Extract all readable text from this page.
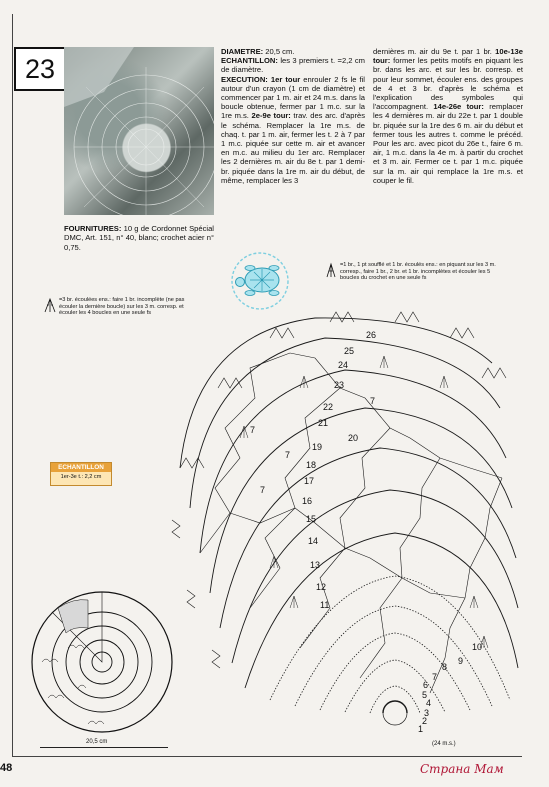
48
23
DIAMETRE: 20,5 cm.
ECHANTILLON: les 3 premiers t. =2,2 cm de diamètre.
EXECUTION: 1er tour enrouler 2 fs le fil autour d'un crayon (1 cm de diamètre) et commencer par 1 m. air et 24 m.s. dans la boucle obtenue, fermer par 1 m.c. sur la 1re m.s. 2e-9e tour: trav. des arc. d'après le schéma. Remplacer la 1re m.s. de chaq. t. par 1 m. air, fermer les t. 2 à 7 par 1 m.c. piquée sur cette m. air et avancer en m.c. au milieu du 1er arc. Remplacer les 2 dernières m. air du 8e t. par 1 demi-br. piquée dans la 1re m. air du début, de même, remplacer les 3
dernières m. air du 9e t. par 1 br. 10e-13e tour: former les petits motifs en piquant les br. dans les arc. et sur les br. corresp. et pour leur sommet, écouler ens. des groupes de 4 et 3 br. d'après le schéma et l'explication des symboles qui l'accompagnent. 14e-26e tour: remplacer les 4 dernières m. air du 22e t. par 1 double br. piquée sur la 1re des 6 m. air du début et fermer tous les autres t. comme le précéd. Pour les arc. avec picot du 26e t., faire 6 m. air, 1 m.c. dans la 4e m. à partir du crochet et 3 m. air. Fermer ce t. par 1 m.c. piquée sur la m. air qui remplace la 1re m.s. et couper le fil.
FOURNITURES: 10 g de Cordonnet Spécial DMC, Art. 151, n° 40, blanc; crochet acier n° 0,75.
=1 br., 1 pt soufflé et 1 br. écoulés ens.: en piquant sur les 3 m. corresp., faire 1 br., 2 br. et 1 br. incomplètes et écouler les 5 boucles du crochet en une seule fs
=3 br. écoulées ens.: faire 1 br. incomplète (ne pas écouler la dernière boucle) sur les 3 m. corresp. et écouler les 4 boucles en une seule fs
ECHANTILLON
1er-3e t.: 2,2 cm
26
25
24
23
22
21
20
19
18
17
16
15
14
13
12
11
10
9
8
7
6
5
4
3
2
1
7
7
7
7
(24 m.s.)
20,5 cm
Страна Мам
